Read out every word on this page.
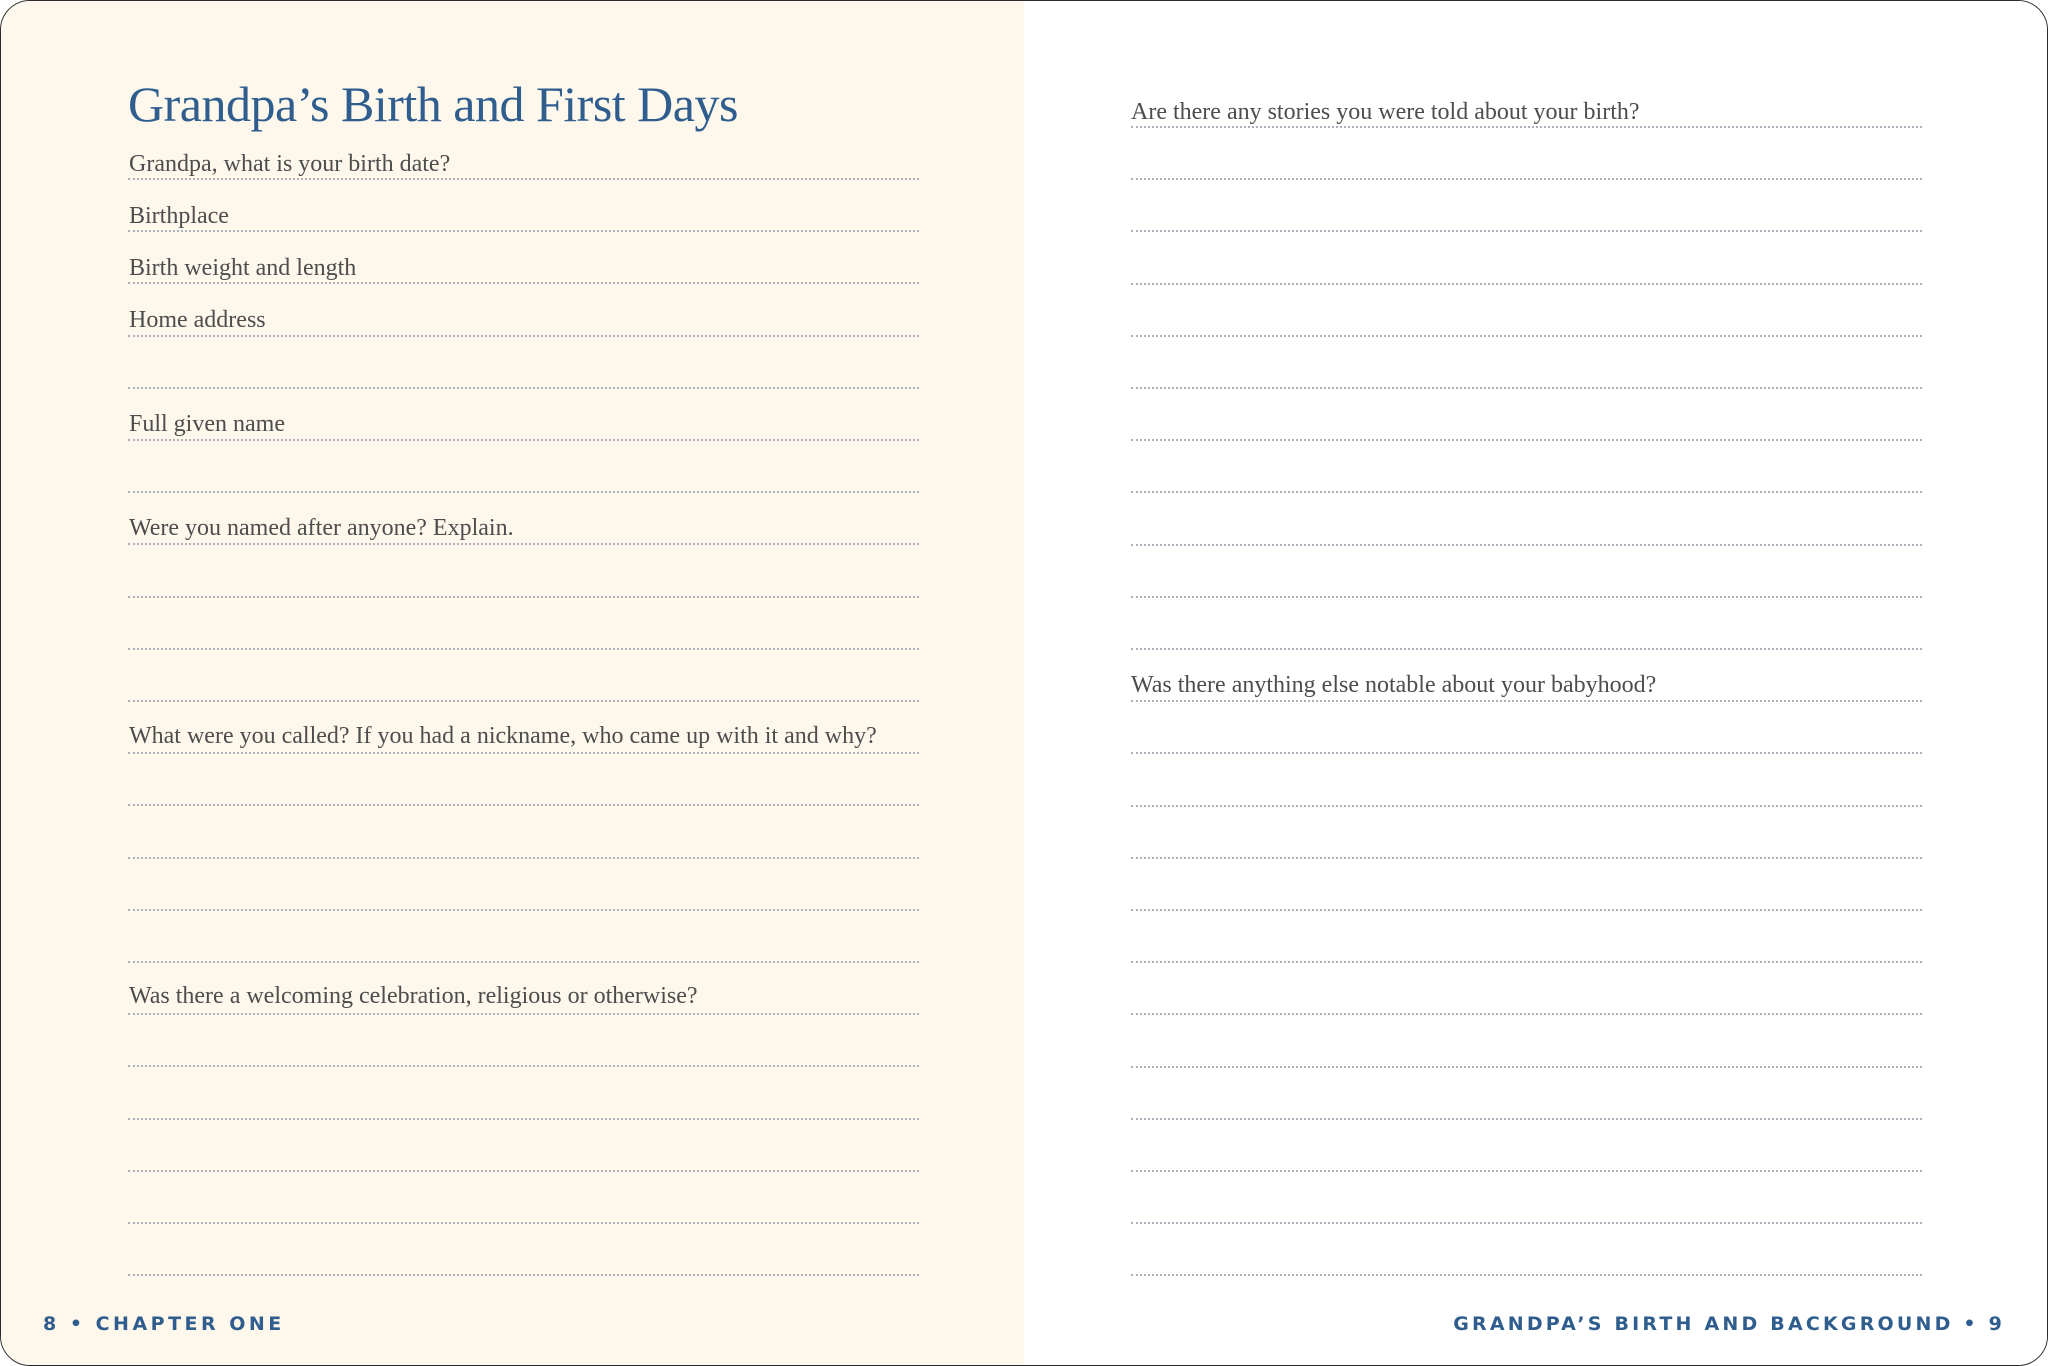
Grandpa’s Birth and First Days
Grandpa, what is your birth date?
Birthplace
Birth weight and length
Home address
Full given name
Were you named after anyone? Explain.
What were you called? If you had a nickname, who came up with it and why?
Was there a welcoming celebration, religious or otherwise?
8 • CHAPTER ONE
Are there any stories you were told about your birth?
Was there anything else notable about your babyhood?
GRANDPA’S BIRTH AND BACKGROUND • 9
